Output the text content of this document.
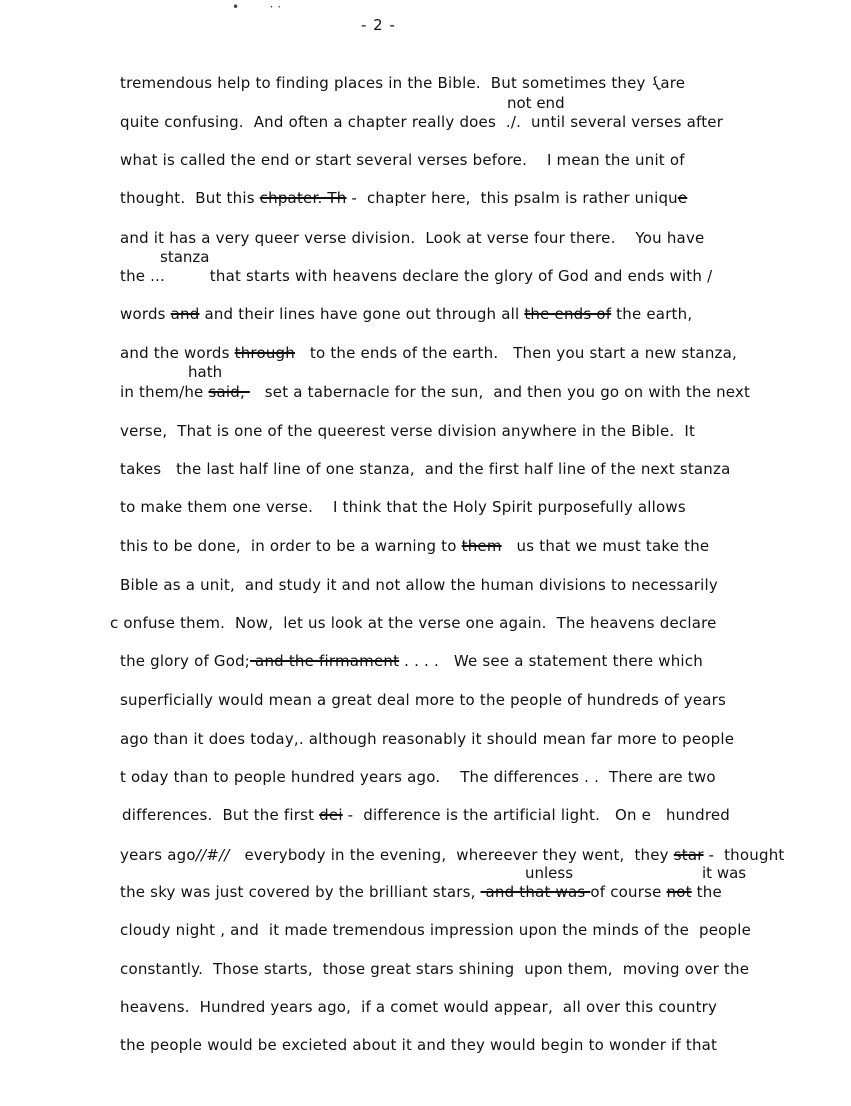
•        · ·
- 2 -
tremendous help to finding places in the Bible.  But sometimes they {are
not end
quite confusing.  And often a chapter really does  ./.  until several verses after
what is called the end or start several verses before.    I mean the unit of
thought.  But this chpater. Th -  chapter here,  this psalm is rather unique
and it has a very queer verse division.  Look at verse four there.    You have
stanza
the ...         that starts with heavens declare the glory of God and ends with /
words and and their lines have gone out through all the ends of the earth,
and the words through   to the ends of the earth.   Then you start a new stanza,
hath
in them/he said,    set a tabernacle for the sun,  and then you go on with the next
verse,  That is one of the queerest verse division anywhere in the Bible.  It
takes   the last half line of one stanza,  and the first half line of the next stanza
to make them one verse.    I think that the Holy Spirit purposefully allows
this to be done,  in order to be a warning to them   us that we must take the
Bible as a unit,  and study it and not allow the human divisions to necessarily
c onfuse them.  Now,  let us look at the verse one again.  The heavens declare
the glory of God; and the firmament . . . .   We see a statement there which
superficially would mean a great deal more to the people of hundreds of years
ago than it does today,. although reasonably it should mean far more to people
t oday than to people hundred years ago.    The differences . .  There are two
differences.  But the first dei -  difference is the artificial light.   On e   hundred
years ago//#//   everybody in the evening,  whereever they went,  they star -  thought
unless	it was
the sky was just covered by the brilliant stars,  and that was of course not the
cloudy night , and  it made tremendous impression upon the minds of the  people
constantly.  Those starts,  those great stars shining  upon them,  moving over the
heavens.  Hundred years ago,  if a comet would appear,  all over this country
the people would be excieted about it and they would begin to wonder if that
